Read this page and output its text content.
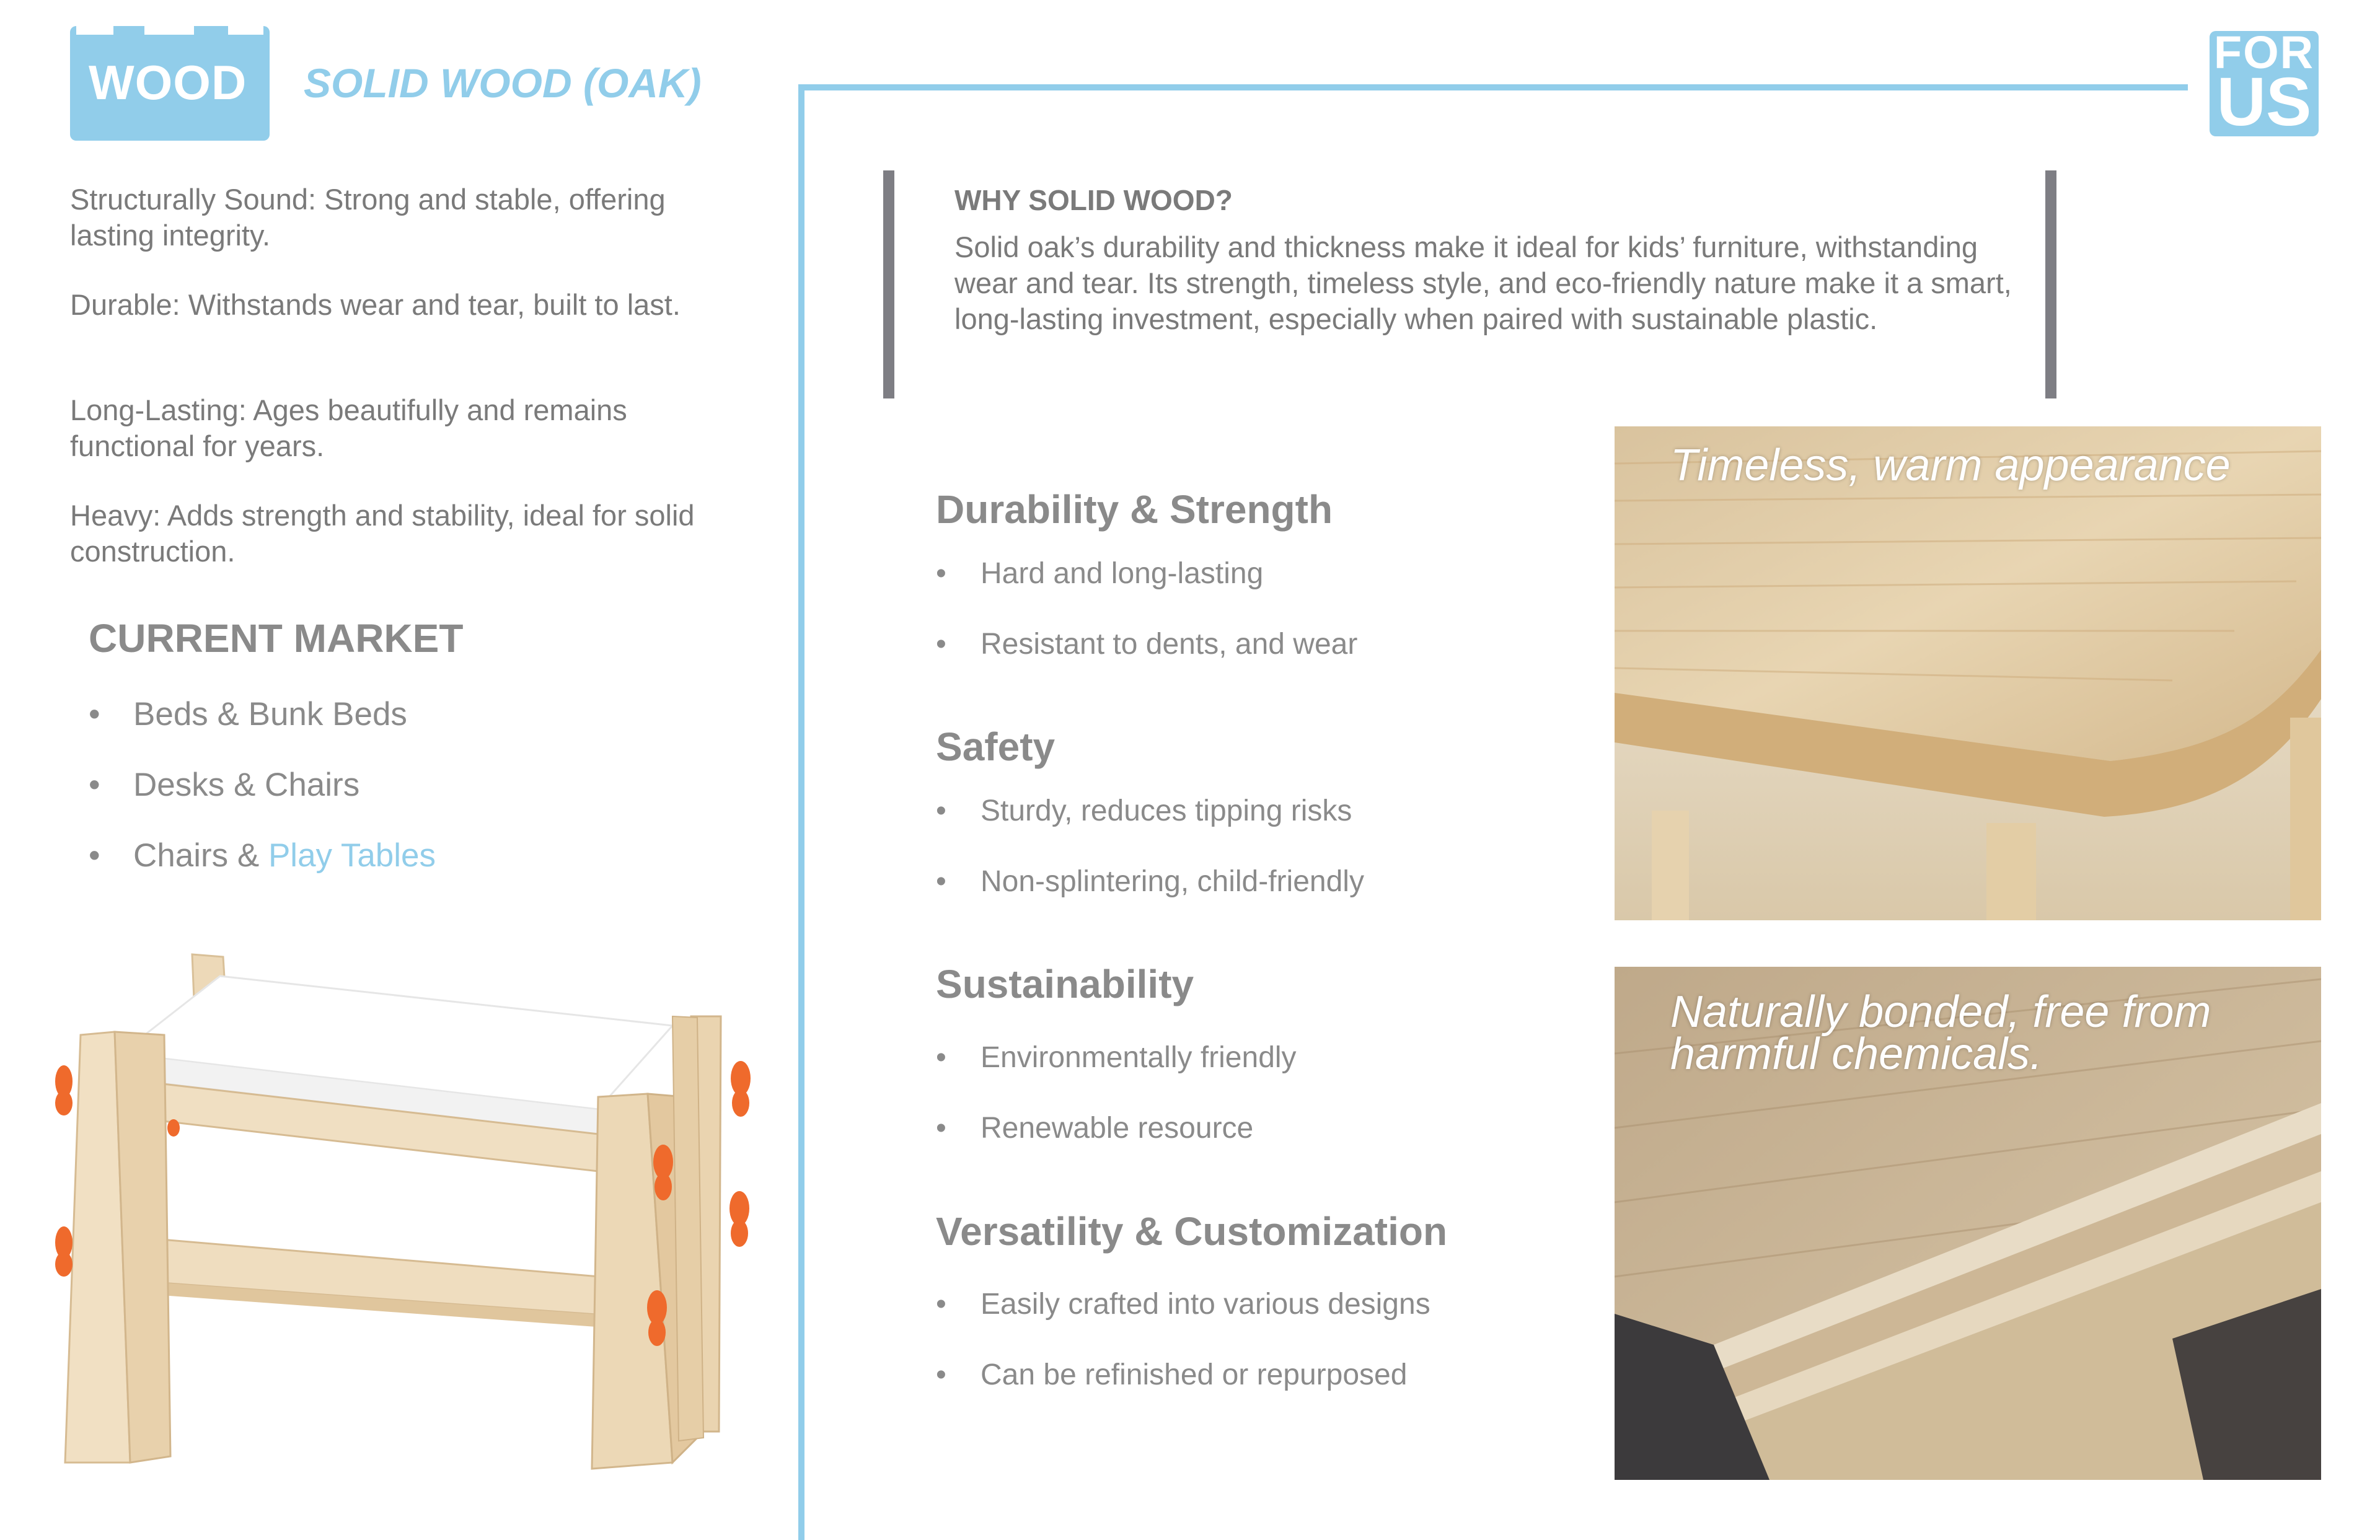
WOOD SOLID WOOD (OAK)
Structurally Sound: Strong and stable, offering lasting integrity.
Durable: Withstands wear and tear, built to last.
Long-Lasting: Ages beautifully and remains functional for years.
Heavy: Adds strength and stability, ideal for solid construction.
CURRENT MARKET
• Beds & Bunk Beds
• Desks & Chairs
• Chairs & Play Tables
FOR
US
WHY SOLID WOOD?
Solid oak’s durability and thickness make it ideal for kids’ furniture, withstanding wear and tear. Its strength, timeless style, and eco-friendly nature make it a smart, long-lasting investment, especially when paired with sustainable plastic.
Durability & Strength
• Hard and long-lasting
• Resistant to dents, and wear
Safety
• Sturdy, reduces tipping risks
• Non-splintering, child-friendly
Sustainability
• Environmentally friendly
• Renewable resource
Versatility & Customization
• Easily crafted into various designs
• Can be refinished or repurposed
Timeless, warm appearance
Naturally bonded, free from
harmful chemicals.
